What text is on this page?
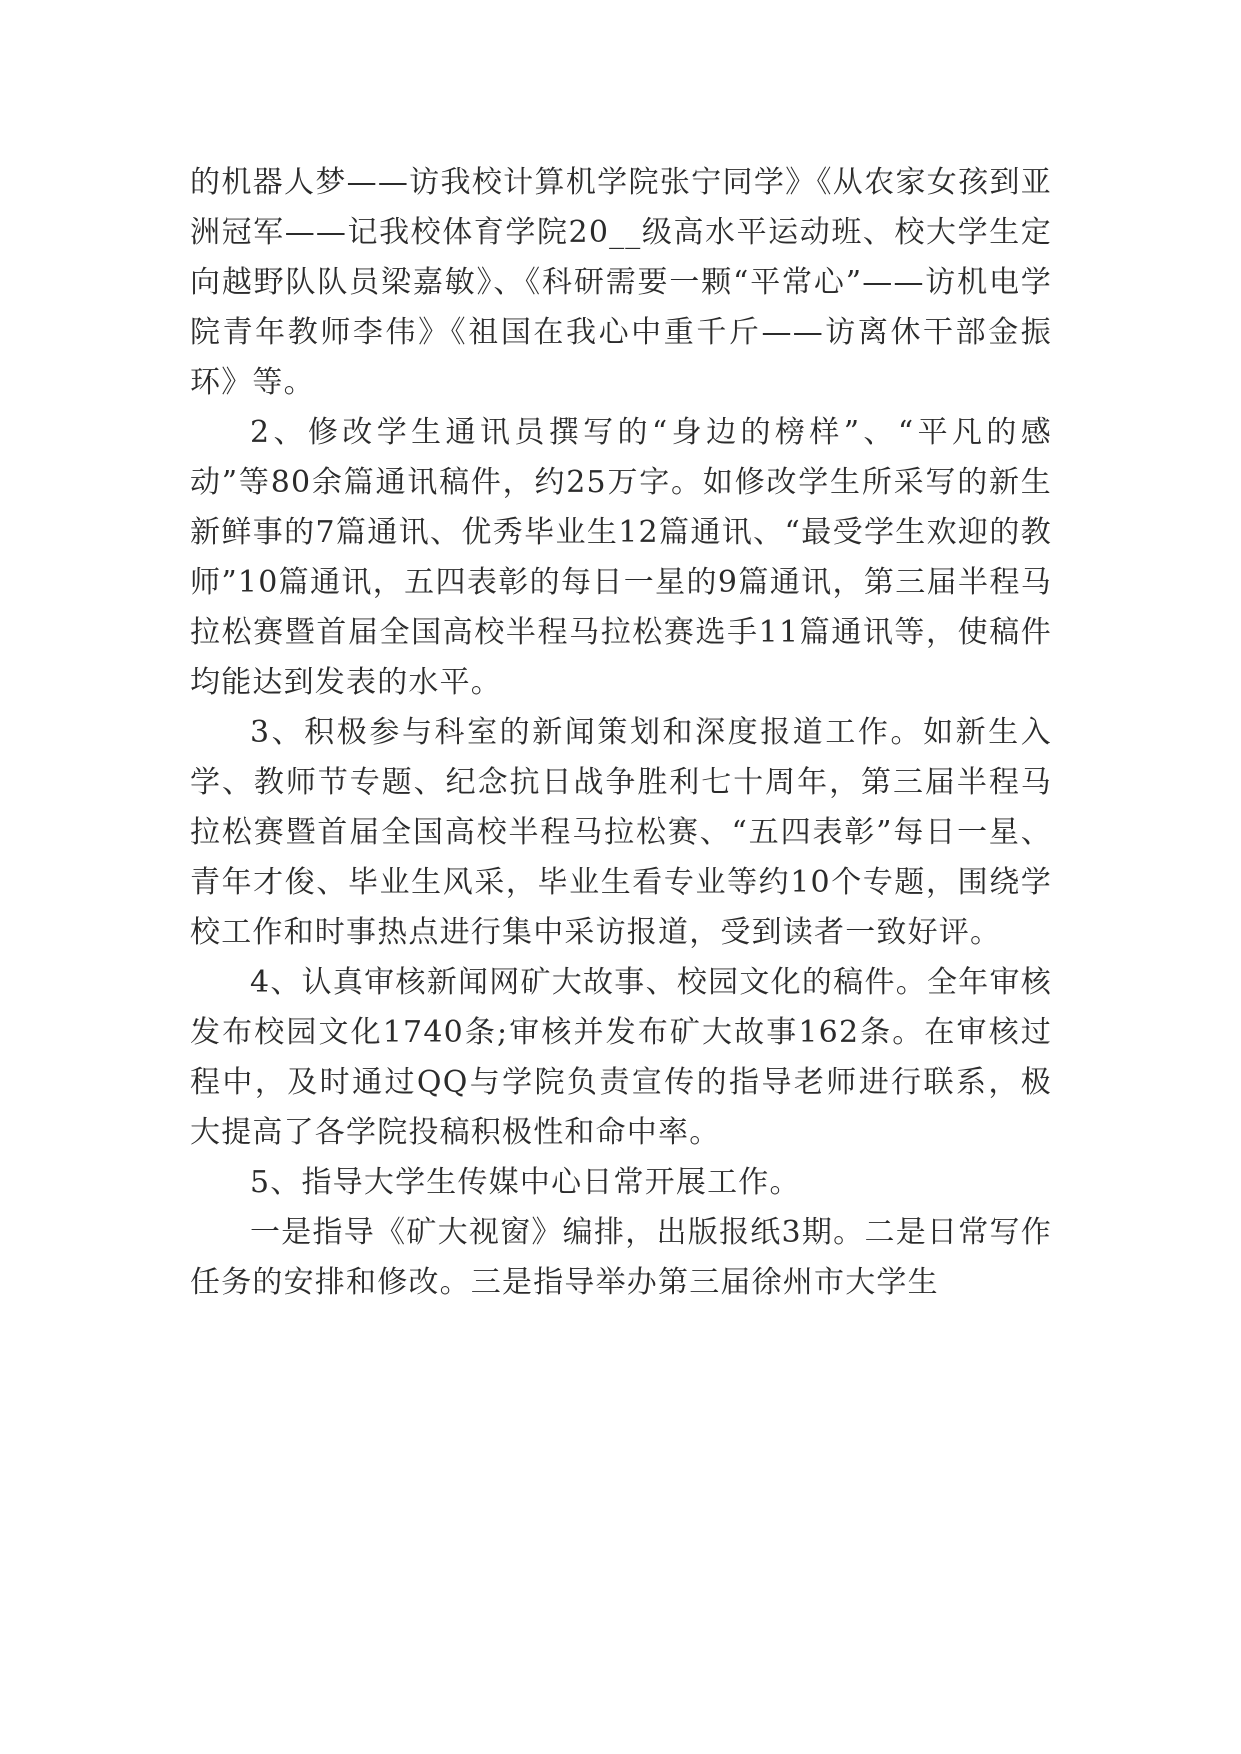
的机器人梦——访我校计算机学院张宁同学》《从农家女孩到亚洲冠军——记我校体育学院20__级高水平运动班、校大学生定向越野队队员梁嘉敏》、《科研需要一颗“平常心”——访机电学院青年教师李伟》《祖国在我心中重千斤——访离休干部金振环》等。

2、修改学生通讯员撰写的“身边的榜样”、“平凡的感动”等80余篇通讯稿件，约25万字。如修改学生所采写的新生新鲜事的7篇通讯、优秀毕业生12篇通讯、“最受学生欢迎的教师”10篇通讯，五四表彰的每日一星的9篇通讯，第三届半程马拉松赛暨首届全国高校半程马拉松赛选手11篇通讯等，使稿件均能达到发表的水平。

3、积极参与科室的新闻策划和深度报道工作。如新生入学、教师节专题、纪念抗日战争胜利七十周年，第三届半程马拉松赛暨首届全国高校半程马拉松赛、“五四表彰”每日一星、青年才俊、毕业生风采，毕业生看专业等约10个专题，围绕学校工作和时事热点进行集中采访报道，受到读者一致好评。

4、认真审核新闻网矿大故事、校园文化的稿件。全年审核发布校园文化1740条;审核并发布矿大故事162条。在审核过程中，及时通过QQ与学院负责宣传的指导老师进行联系，极大提高了各学院投稿积极性和命中率。

5、指导大学生传媒中心日常开展工作。

一是指导《矿大视窗》编排，出版报纸3期。二是日常写作任务的安排和修改。三是指导举办第三届徐州市大学生
